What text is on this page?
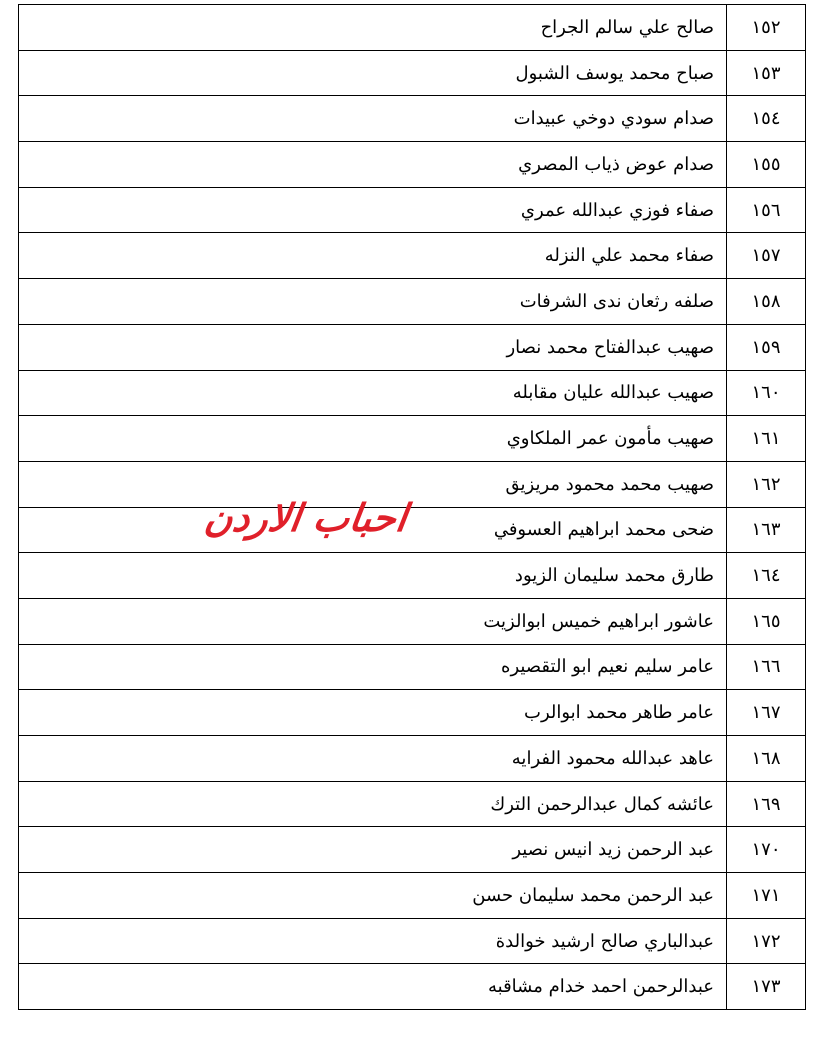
١٥٢	صالح علي سالم الجراح
١٥٣	صباح محمد يوسف الشبول
١٥٤	صدام سودي دوخي عبيدات
١٥٥	صدام عوض ذياب المصري
١٥٦	صفاء فوزي عبدالله عمري
١٥٧	صفاء محمد علي النزله
١٥٨	صلفه رثعان ندى الشرفات
١٥٩	صهيب عبدالفتاح محمد نصار
١٦٠	صهيب عبدالله عليان مقابله
١٦١	صهيب مأمون عمر الملكاوي
١٦٢	صهيب محمد محمود مريزيق
١٦٣	ضحى محمد ابراهيم العسوفي
١٦٤	طارق محمد سليمان الزيود
١٦٥	عاشور ابراهيم خميس ابوالزيت
١٦٦	عامر سليم نعيم ابو التقصيره
١٦٧	عامر طاهر محمد ابوالرب
١٦٨	عاهد عبدالله محمود الفرايه
١٦٩	عائشه كمال عبدالرحمن الترك
١٧٠	عبد الرحمن زيد انيس نصير
١٧١	عبد الرحمن محمد سليمان حسن
١٧٢	عبدالباري صالح ارشيد خوالدة
١٧٣	عبدالرحمن احمد خدام مشاقبه
احباب الاردن
